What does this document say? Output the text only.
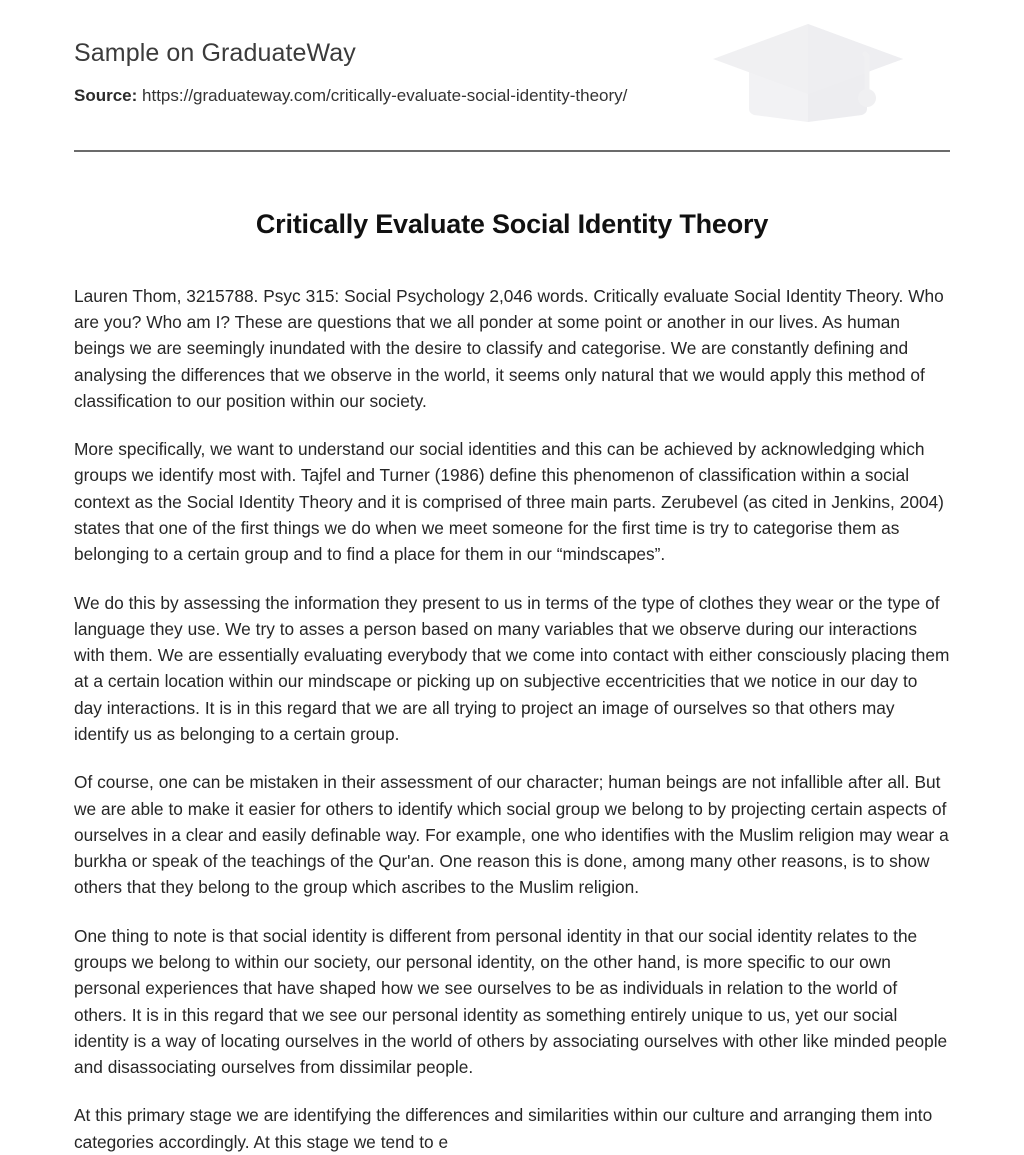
Sample on GraduateWay
Source: https://graduateway.com/critically-evaluate-social-identity-theory/
Critically Evaluate Social Identity Theory

Lauren Thom, 3215788. Psyc 315: Social Psychology 2,046 words. Critically evaluate Social Identity Theory. Who are you? Who am I? These are questions that we all ponder at some point or another in our lives. As human beings we are seemingly inundated with the desire to classify and categorise. We are constantly defining and analysing the differences that we observe in the world, it seems only natural that we would apply this method of classification to our position within our society.

More specifically, we want to understand our social identities and this can be achieved by acknowledging which groups we identify most with. Tajfel and Turner (1986) define this phenomenon of classification within a social context as the Social Identity Theory and it is comprised of three main parts. Zerubevel (as cited in Jenkins, 2004) states that one of the first things we do when we meet someone for the first time is try to categorise them as belonging to a certain group and to find a place for them in our “mindscapes”.

We do this by assessing the information they present to us in terms of the type of clothes they wear or the type of language they use. We try to asses a person based on many variables that we observe during our interactions with them. We are essentially evaluating everybody that we come into contact with either consciously placing them at a certain location within our mindscape or picking up on subjective eccentricities that we notice in our day to day interactions. It is in this regard that we are all trying to project an image of ourselves so that others may identify us as belonging to a certain group.

Of course, one can be mistaken in their assessment of our character; human beings are not infallible after all. But we are able to make it easier for others to identify which social group we belong to by projecting certain aspects of ourselves in a clear and easily definable way. For example, one who identifies with the Muslim religion may wear a burkha or speak of the teachings of the Qur'an. One reason this is done, among many other reasons, is to show others that they belong to the group which ascribes to the Muslim religion.

One thing to note is that social identity is different from personal identity in that our social identity relates to the groups we belong to within our society, our personal identity, on the other hand, is more specific to our own personal experiences that have shaped how we see ourselves to be as individuals in relation to the world of others. It is in this regard that we see our personal identity as something entirely unique to us, yet our social identity is a way of locating ourselves in the world of others by associating ourselves with other like minded people and disassociating ourselves from dissimilar people.

At this primary stage we are identifying the differences and similarities within our culture and arranging them into categories accordingly. At this stage we tend to e
